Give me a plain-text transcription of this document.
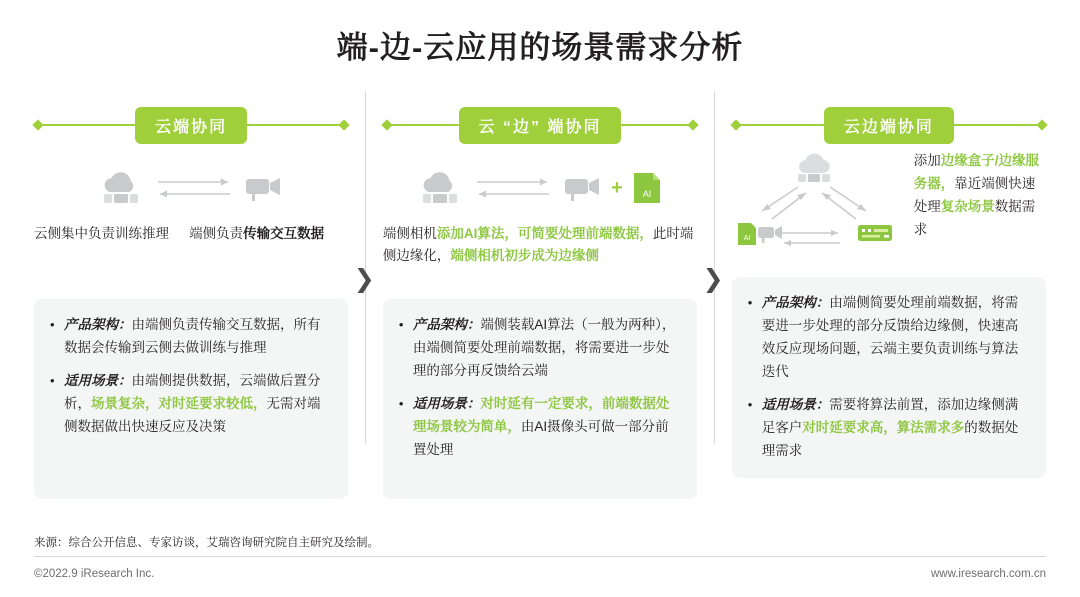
端-边-云应用的场景需求分析
云端协同
云侧集中负责训练推理	端侧负责传输交互数据
• 产品架构：由端侧负责传输交互数据，所有数据会传输到云侧去做训练与推理
• 适用场景：由端侧提供数据，云端做后置分析，场景复杂，对时延要求较低，无需对端侧数据做出快速反应及决策
❯
云 “边” 端协同
+ AI
端侧相机添加AI算法，可简要处理前端数据，此时端侧边缘化，端侧相机初步成为边缘侧
• 产品架构：端侧装载AI算法（一般为两种），由端侧简要处理前端数据，将需要进一步处理的部分再反馈给云端
• 适用场景：对时延有一定要求，前端数据处理场景较为简单，由AI摄像头可做一部分前置处理
❯
云边端协同
AI
添加边缘盒子/边缘服务器，靠近端侧快速处理复杂场景数据需求
• 产品架构：由端侧简要处理前端数据，将需要进一步处理的部分反馈给边缘侧，快速高效反应现场问题，云端主要负责训练与算法迭代
• 适用场景：需要将算法前置，添加边缘侧满足客户对时延要求高，算法需求多的数据处理需求
来源：综合公开信息、专家访谈，艾瑞咨询研究院自主研究及绘制。
©2022.9 iResearch Inc.	www.iresearch.com.cn
